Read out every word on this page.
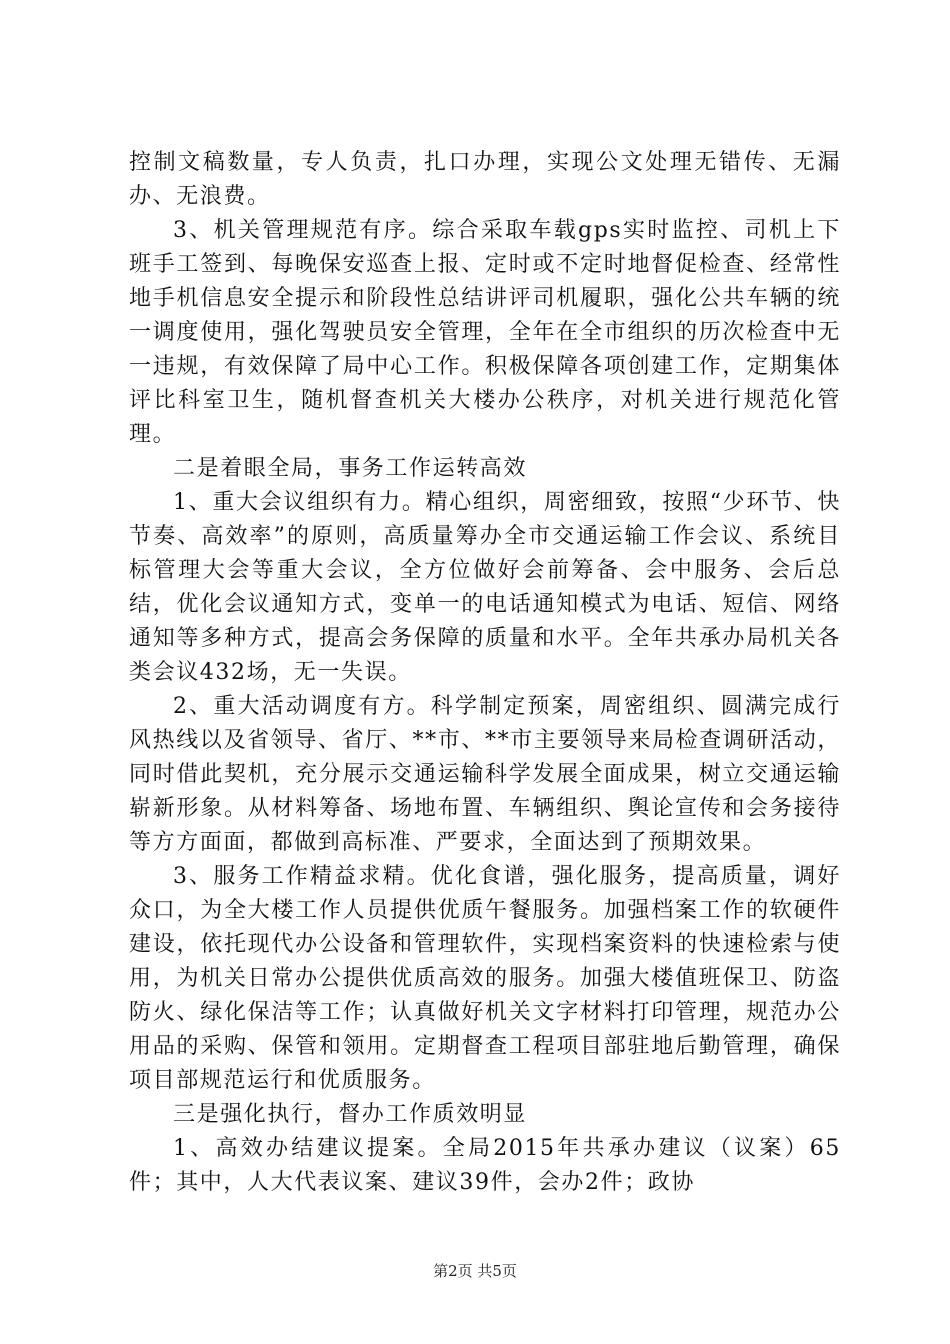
控制文稿数量，专人负责，扎口办理，实现公文处理无错传、无漏办、无浪费。

3、机关管理规范有序。综合采取车载gps实时监控、司机上下班手工签到、每晚保安巡查上报、定时或不定时地督促检查、经常性地手机信息安全提示和阶段性总结讲评司机履职，强化公共车辆的统一调度使用，强化驾驶员安全管理，全年在全市组织的历次检查中无一违规，有效保障了局中心工作。积极保障各项创建工作，定期集体评比科室卫生，随机督查机关大楼办公秩序，对机关进行规范化管理。

二是着眼全局，事务工作运转高效

1、重大会议组织有力。精心组织，周密细致，按照“少环节、快节奏、高效率”的原则，高质量筹办全市交通运输工作会议、系统目标管理大会等重大会议，全方位做好会前筹备、会中服务、会后总结，优化会议通知方式，变单一的电话通知模式为电话、短信、网络通知等多种方式，提高会务保障的质量和水平。全年共承办局机关各类会议432场，无一失误。

2、重大活动调度有方。科学制定预案，周密组织、圆满完成行风热线以及省领导、省厅、**市、**市主要领导来局检查调研活动，同时借此契机，充分展示交通运输科学发展全面成果，树立交通运输崭新形象。从材料筹备、场地布置、车辆组织、舆论宣传和会务接待等方方面面，都做到高标准、严要求，全面达到了预期效果。

3、服务工作精益求精。优化食谱，强化服务，提高质量，调好众口，为全大楼工作人员提供优质午餐服务。加强档案工作的软硬件建设，依托现代办公设备和管理软件，实现档案资料的快速检索与使用，为机关日常办公提供优质高效的服务。加强大楼值班保卫、防盗防火、绿化保洁等工作；认真做好机关文字材料打印管理，规范办公用品的采购、保管和领用。定期督查工程项目部驻地后勤管理，确保项目部规范运行和优质服务。

三是强化执行，督办工作质效明显

1、高效办结建议提案。全局2015年共承办建议（议案）65件；其中，人大代表议案、建议39件，会办2件；政协

第2页 共5页
